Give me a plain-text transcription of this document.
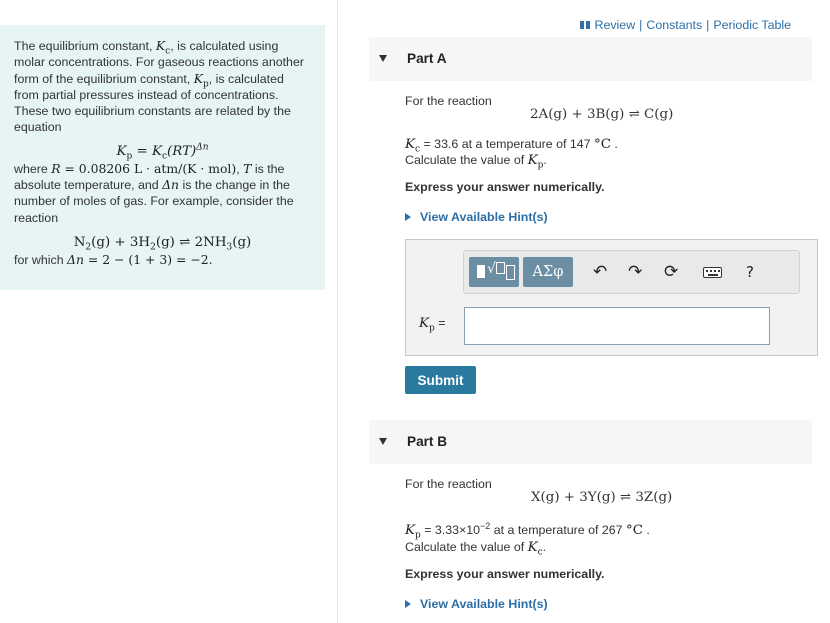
The equilibrium constant, $K_c$, is calculated using molar concentrations. For gaseous reactions another form of the equilibrium constant, $K_p$, is calculated from partial pressures instead of concentrations. These two equilibrium constants are related by the equation

$K_p = K_c(RT)^{\Delta n}$

where R = 0.08206 L · atm/(K · mol), T is the absolute temperature, and Δn is the change in the number of moles of gas. For example, consider the reaction

$N_2(g) + 3H_2(g)$ ⇌ $2NH_3(g)$

for which Δn = 2 − (1 + 3) = −2.

Review | Constants | Periodic Table
Part A
For the reaction
2A(g) + 3B(g) ⇌ C(g)
$K_c = 33.6$ at a temperature of 147 °C .
Calculate the value of $K_p$.
Express your answer numerically.
View Available Hint(s)
√	ΑΣφ	↶ ↷ ⟳	?
$K_p$ =
Submit
Part B
For the reaction
X(g) + 3Y(g) ⇌ 3Z(g)
$K_p = 3.33\times 10^{-2}$ at a temperature of 267 °C .
Calculate the value of $K_c$.
Express your answer numerically.
View Available Hint(s)
